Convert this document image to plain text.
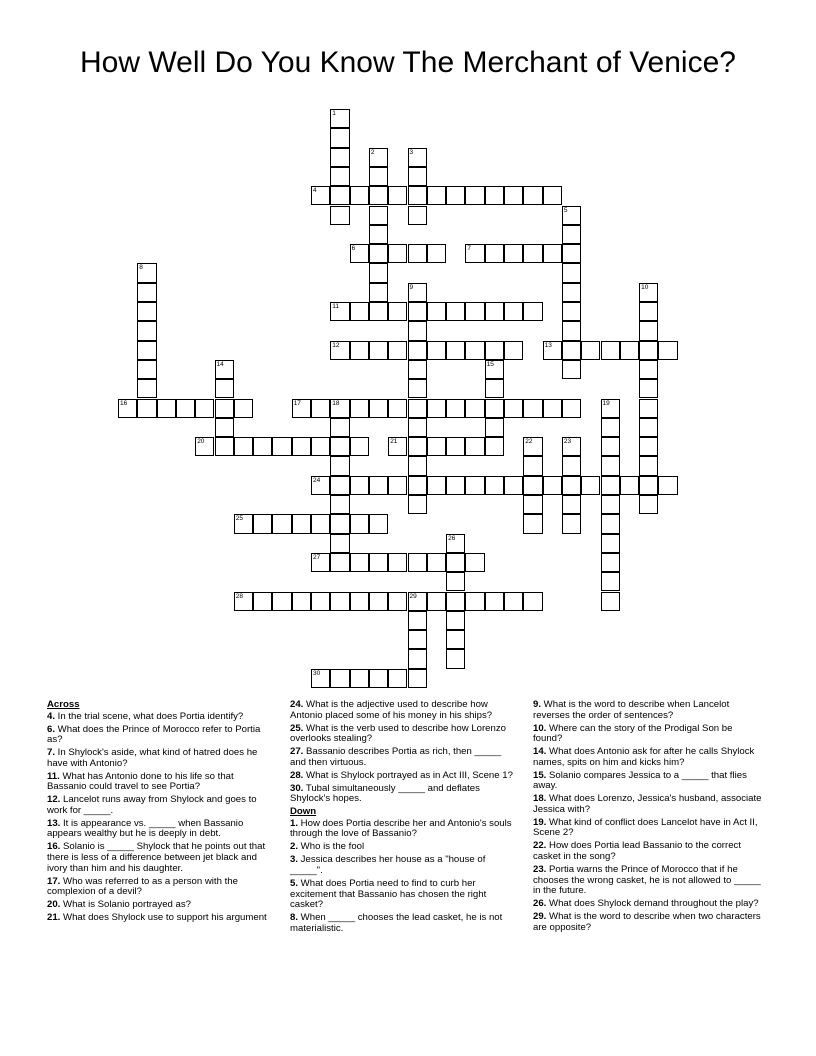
How Well Do You Know The Merchant of Venice?
1
2	3
4
5
6	7
8
9	10
11
12	13
14	15
16	17	18	19
20	21	22	23
24
25
26
27
28	29
30
Across
4. In the trial scene, what does Portia identify?
6. What does the Prince of Morocco refer to Portia as?
7. In Shylock's aside, what kind of hatred does he have with Antonio?
11. What has Antonio done to his life so that Bassanio could travel to see Portia?
12. Lancelot runs away from Shylock and goes to work for _____.
13. It is appearance vs. _____ when Bassanio appears wealthy but he is deeply in debt.
16. Solanio is _____ Shylock that he points out that there is less of a difference between jet black and ivory than him and his daughter.
17. Who was referred to as a person with the complexion of a devil?
20. What is Solanio portrayed as?
21. What does Shylock use to support his argument
24. What is the adjective used to describe how Antonio placed some of his money in his ships?
25. What is the verb used to describe how Lorenzo overlooks stealing?
27. Bassanio describes Portia as rich, then _____ and then virtuous.
28. What is Shylock portrayed as in Act III, Scene 1?
30. Tubal simultaneously _____ and deflates Shylock's hopes.
Down
1. How does Portia describe her and Antonio's souls through the love of Bassanio?
2. Who is the fool
3. Jessica describes her house as a "house of _____".
5. What does Portia need to find to curb her excitement that Bassanio has chosen the right casket?
8. When _____ chooses the lead casket, he is not materialistic.
9. What is the word to describe when Lancelot reverses the order of sentences?
10. Where can the story of the Prodigal Son be found?
14. What does Antonio ask for after he calls Shylock names, spits on him and kicks him?
15. Solanio compares Jessica to a _____ that flies away.
18. What does Lorenzo, Jessica's husband, associate Jessica with?
19. What kind of conflict does Lancelot have in Act II, Scene 2?
22. How does Portia lead Bassanio to the correct casket in the song?
23. Portia warns the Prince of Morocco that if he chooses the wrong casket, he is not allowed to _____ in the future.
26. What does Shylock demand throughout the play?
29. What is the word to describe when two characters are opposite?
